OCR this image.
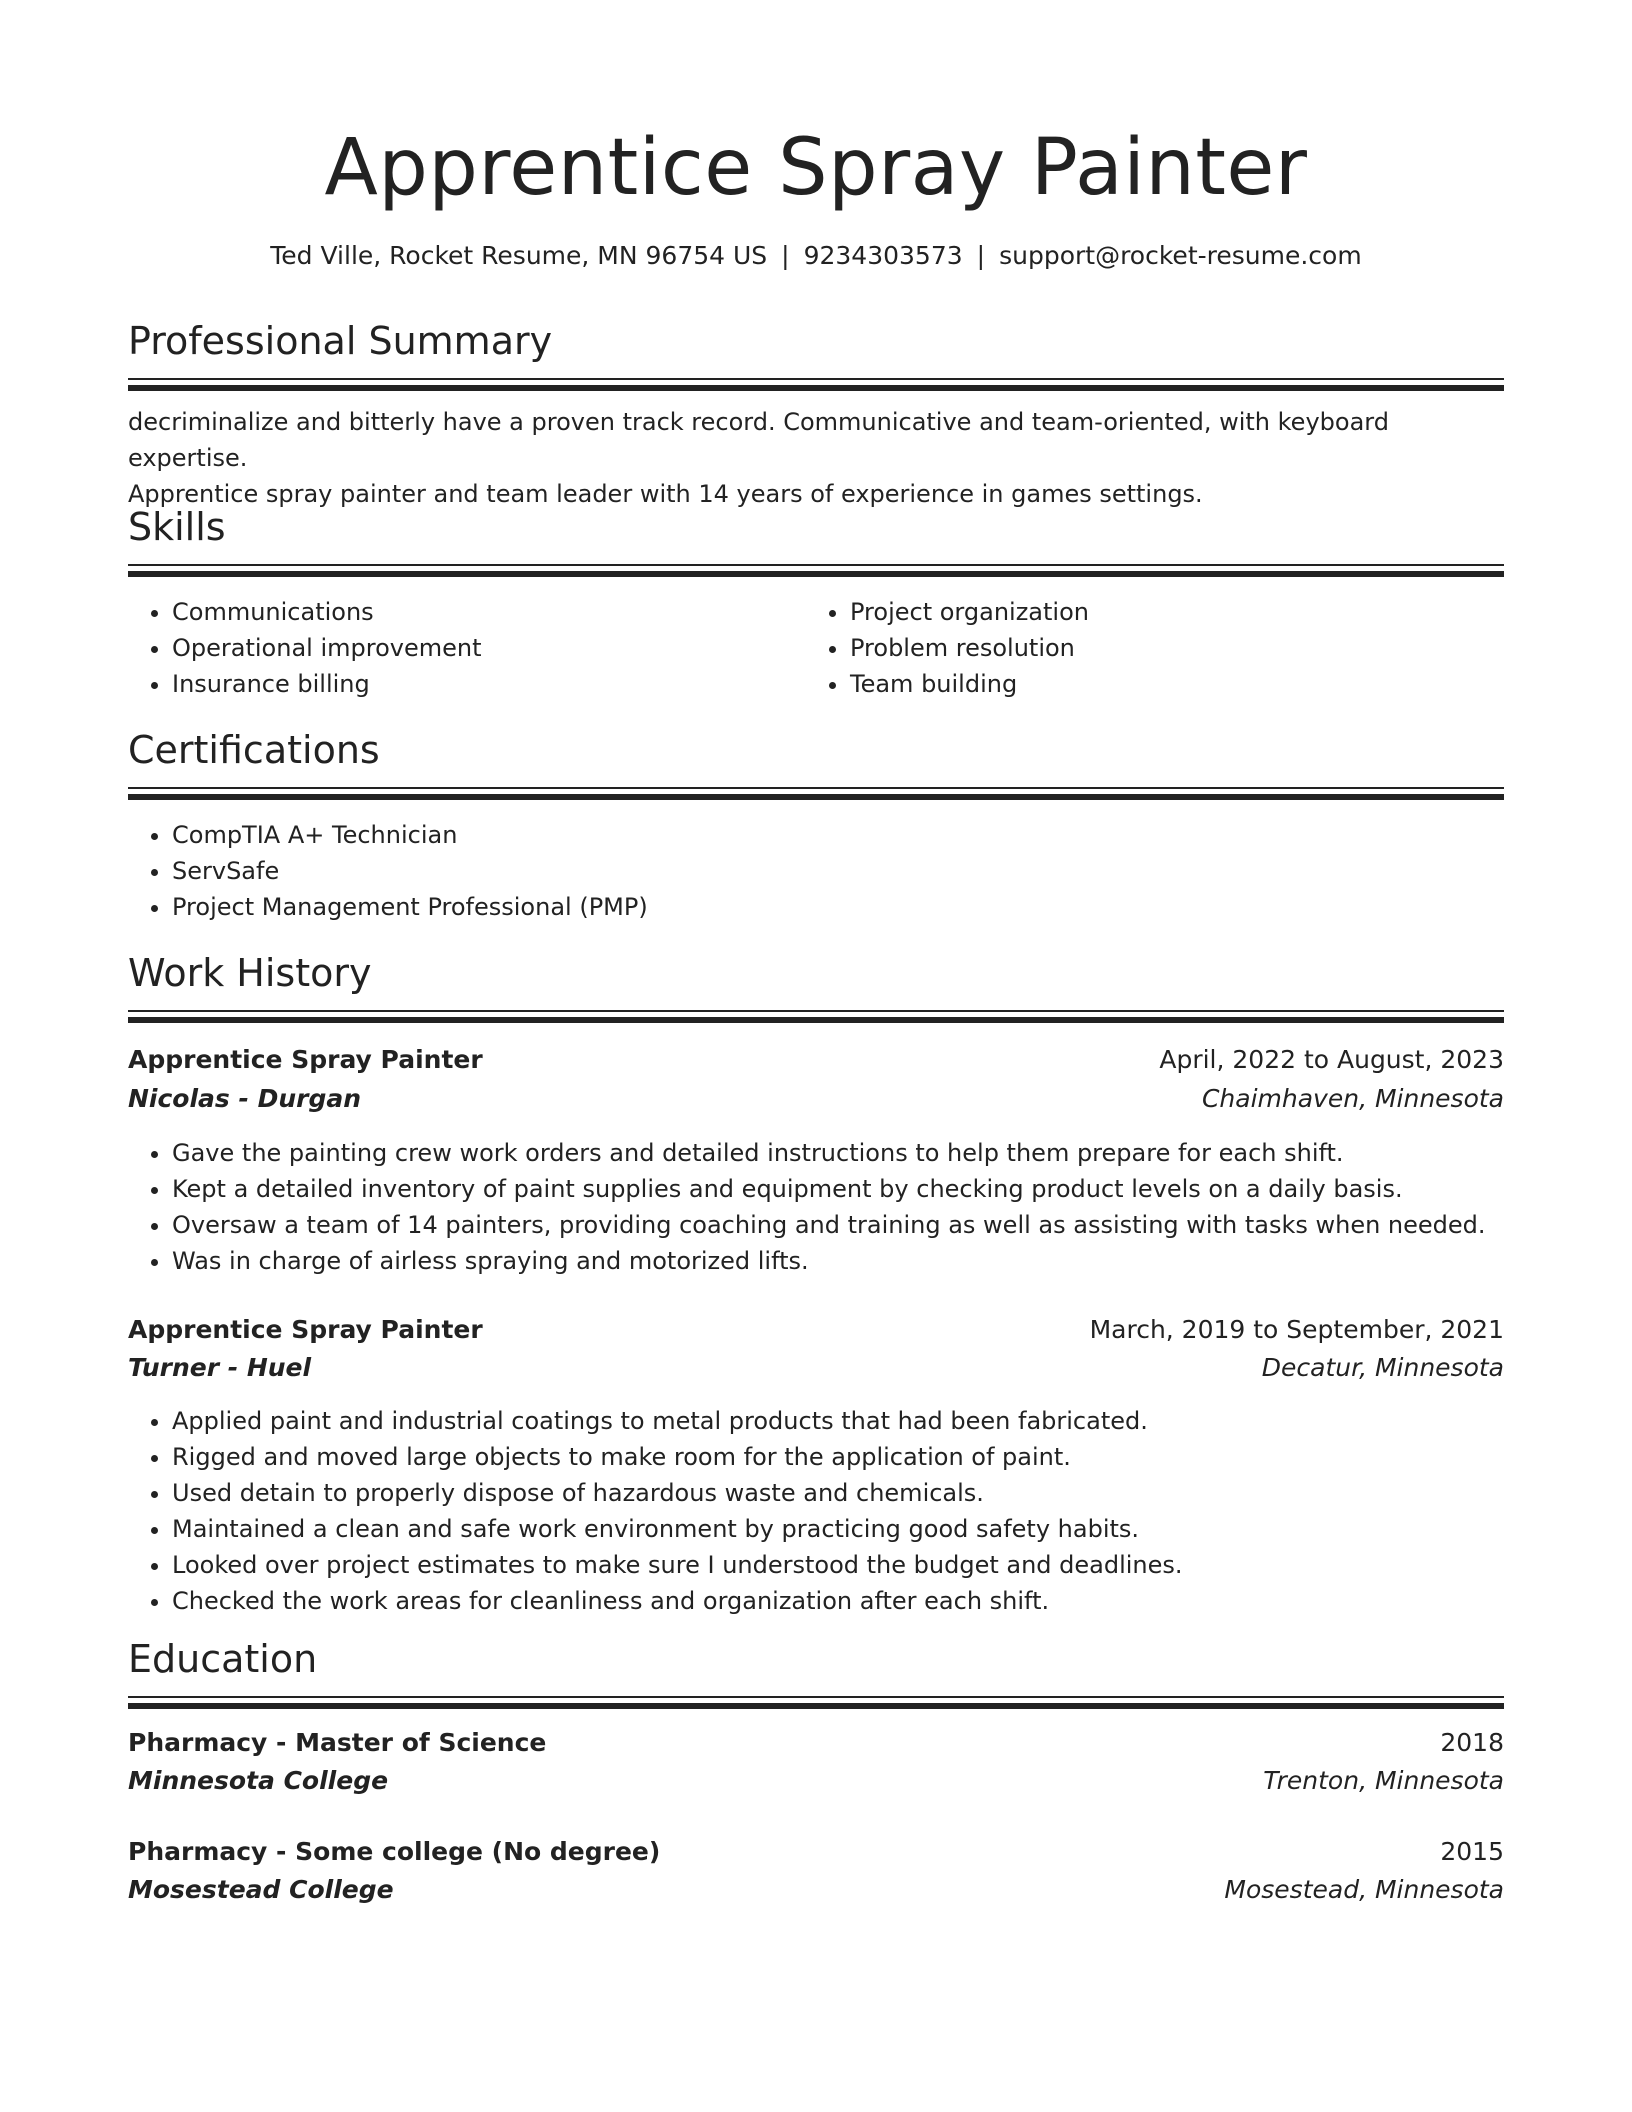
Apprentice Spray Painter
Ted Ville, Rocket Resume, MN 96754 US | 9234303573 | support@rocket-resume.com
Professional Summary
decriminalize and bitterly have a proven track record. Communicative and team-oriented, with keyboard expertise.
Apprentice spray painter and team leader with 14 years of experience in games settings.
Skills
• Communications
• Operational improvement
• Insurance billing
• Project organization
• Problem resolution
• Team building
Certifications
• CompTIA A+ Technician
• ServSafe
• Project Management Professional (PMP)
Work History
Apprentice Spray Painter	April, 2022 to August, 2023
Nicolas - Durgan	Chaimhaven, Minnesota
• Gave the painting crew work orders and detailed instructions to help them prepare for each shift.
• Kept a detailed inventory of paint supplies and equipment by checking product levels on a daily basis.
• Oversaw a team of 14 painters, providing coaching and training as well as assisting with tasks when needed.
• Was in charge of airless spraying and motorized lifts.
Apprentice Spray Painter	March, 2019 to September, 2021
Turner - Huel	Decatur, Minnesota
• Applied paint and industrial coatings to metal products that had been fabricated.
• Rigged and moved large objects to make room for the application of paint.
• Used detain to properly dispose of hazardous waste and chemicals.
• Maintained a clean and safe work environment by practicing good safety habits.
• Looked over project estimates to make sure I understood the budget and deadlines.
• Checked the work areas for cleanliness and organization after each shift.
Education
Pharmacy - Master of Science	2018
Minnesota College	Trenton, Minnesota
Pharmacy - Some college (No degree)	2015
Mosestead College	Mosestead, Minnesota
